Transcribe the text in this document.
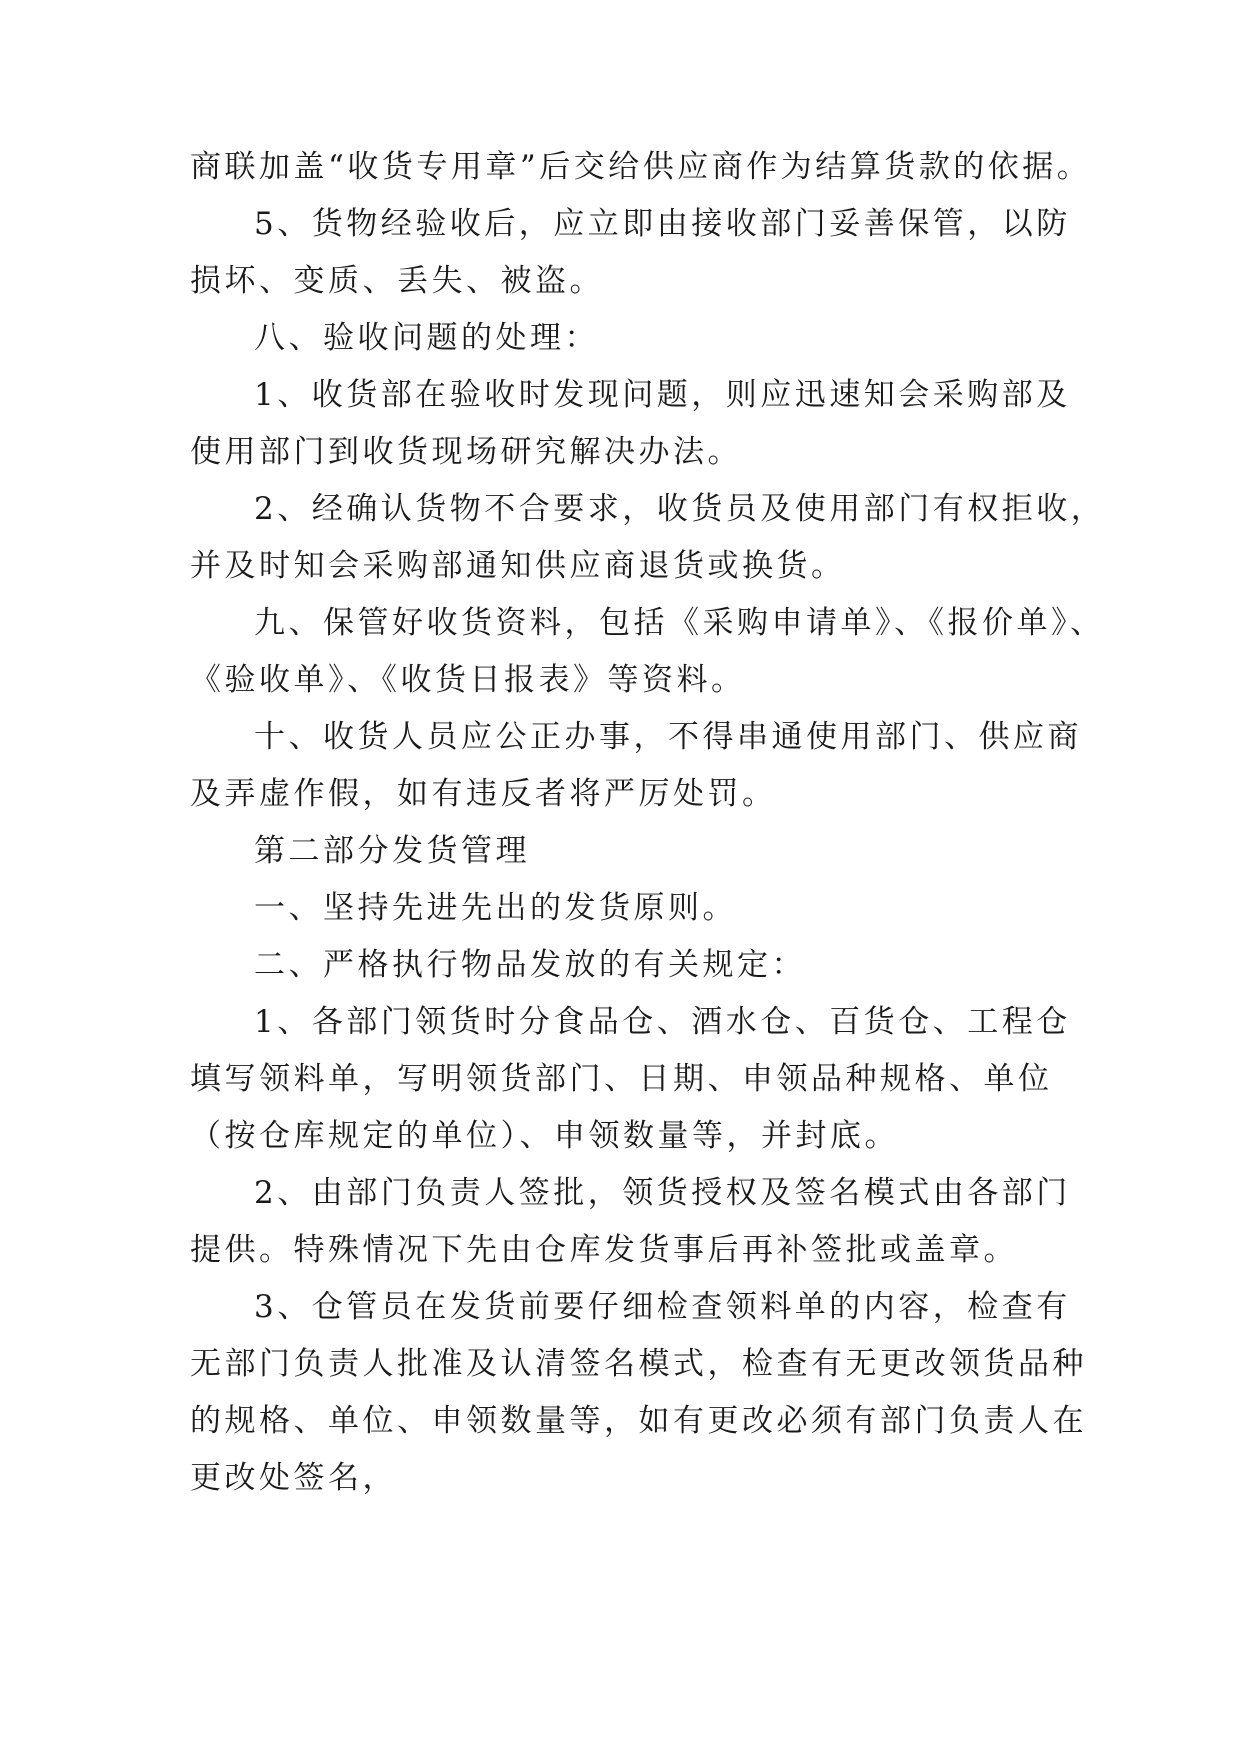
商联加盖“收货专用章”后交给供应商作为结算货款的依据。
5、货物经验收后，应立即由接收部门妥善保管，以防
损坏、变质、丢失、被盗。
八、验收问题的处理：
1、收货部在验收时发现问题，则应迅速知会采购部及
使用部门到收货现场研究解决办法。
2、经确认货物不合要求，收货员及使用部门有权拒收，
并及时知会采购部通知供应商退货或换货。
九、保管好收货资料，包括《采购申请单》、《报价单》、
《验收单》、《收货日报表》等资料。
十、收货人员应公正办事，不得串通使用部门、供应商
及弄虚作假，如有违反者将严厉处罚。
第二部分发货管理
一、坚持先进先出的发货原则。
二、严格执行物品发放的有关规定：
1、各部门领货时分食品仓、酒水仓、百货仓、工程仓
填写领料单，写明领货部门、日期、申领品种规格、单位
（按仓库规定的单位）、申领数量等，并封底。
2、由部门负责人签批，领货授权及签名模式由各部门
提供。特殊情况下先由仓库发货事后再补签批或盖章。
3、仓管员在发货前要仔细检查领料单的内容，检查有
无部门负责人批准及认清签名模式，检查有无更改领货品种
的规格、单位、申领数量等，如有更改必须有部门负责人在
更改处签名，
